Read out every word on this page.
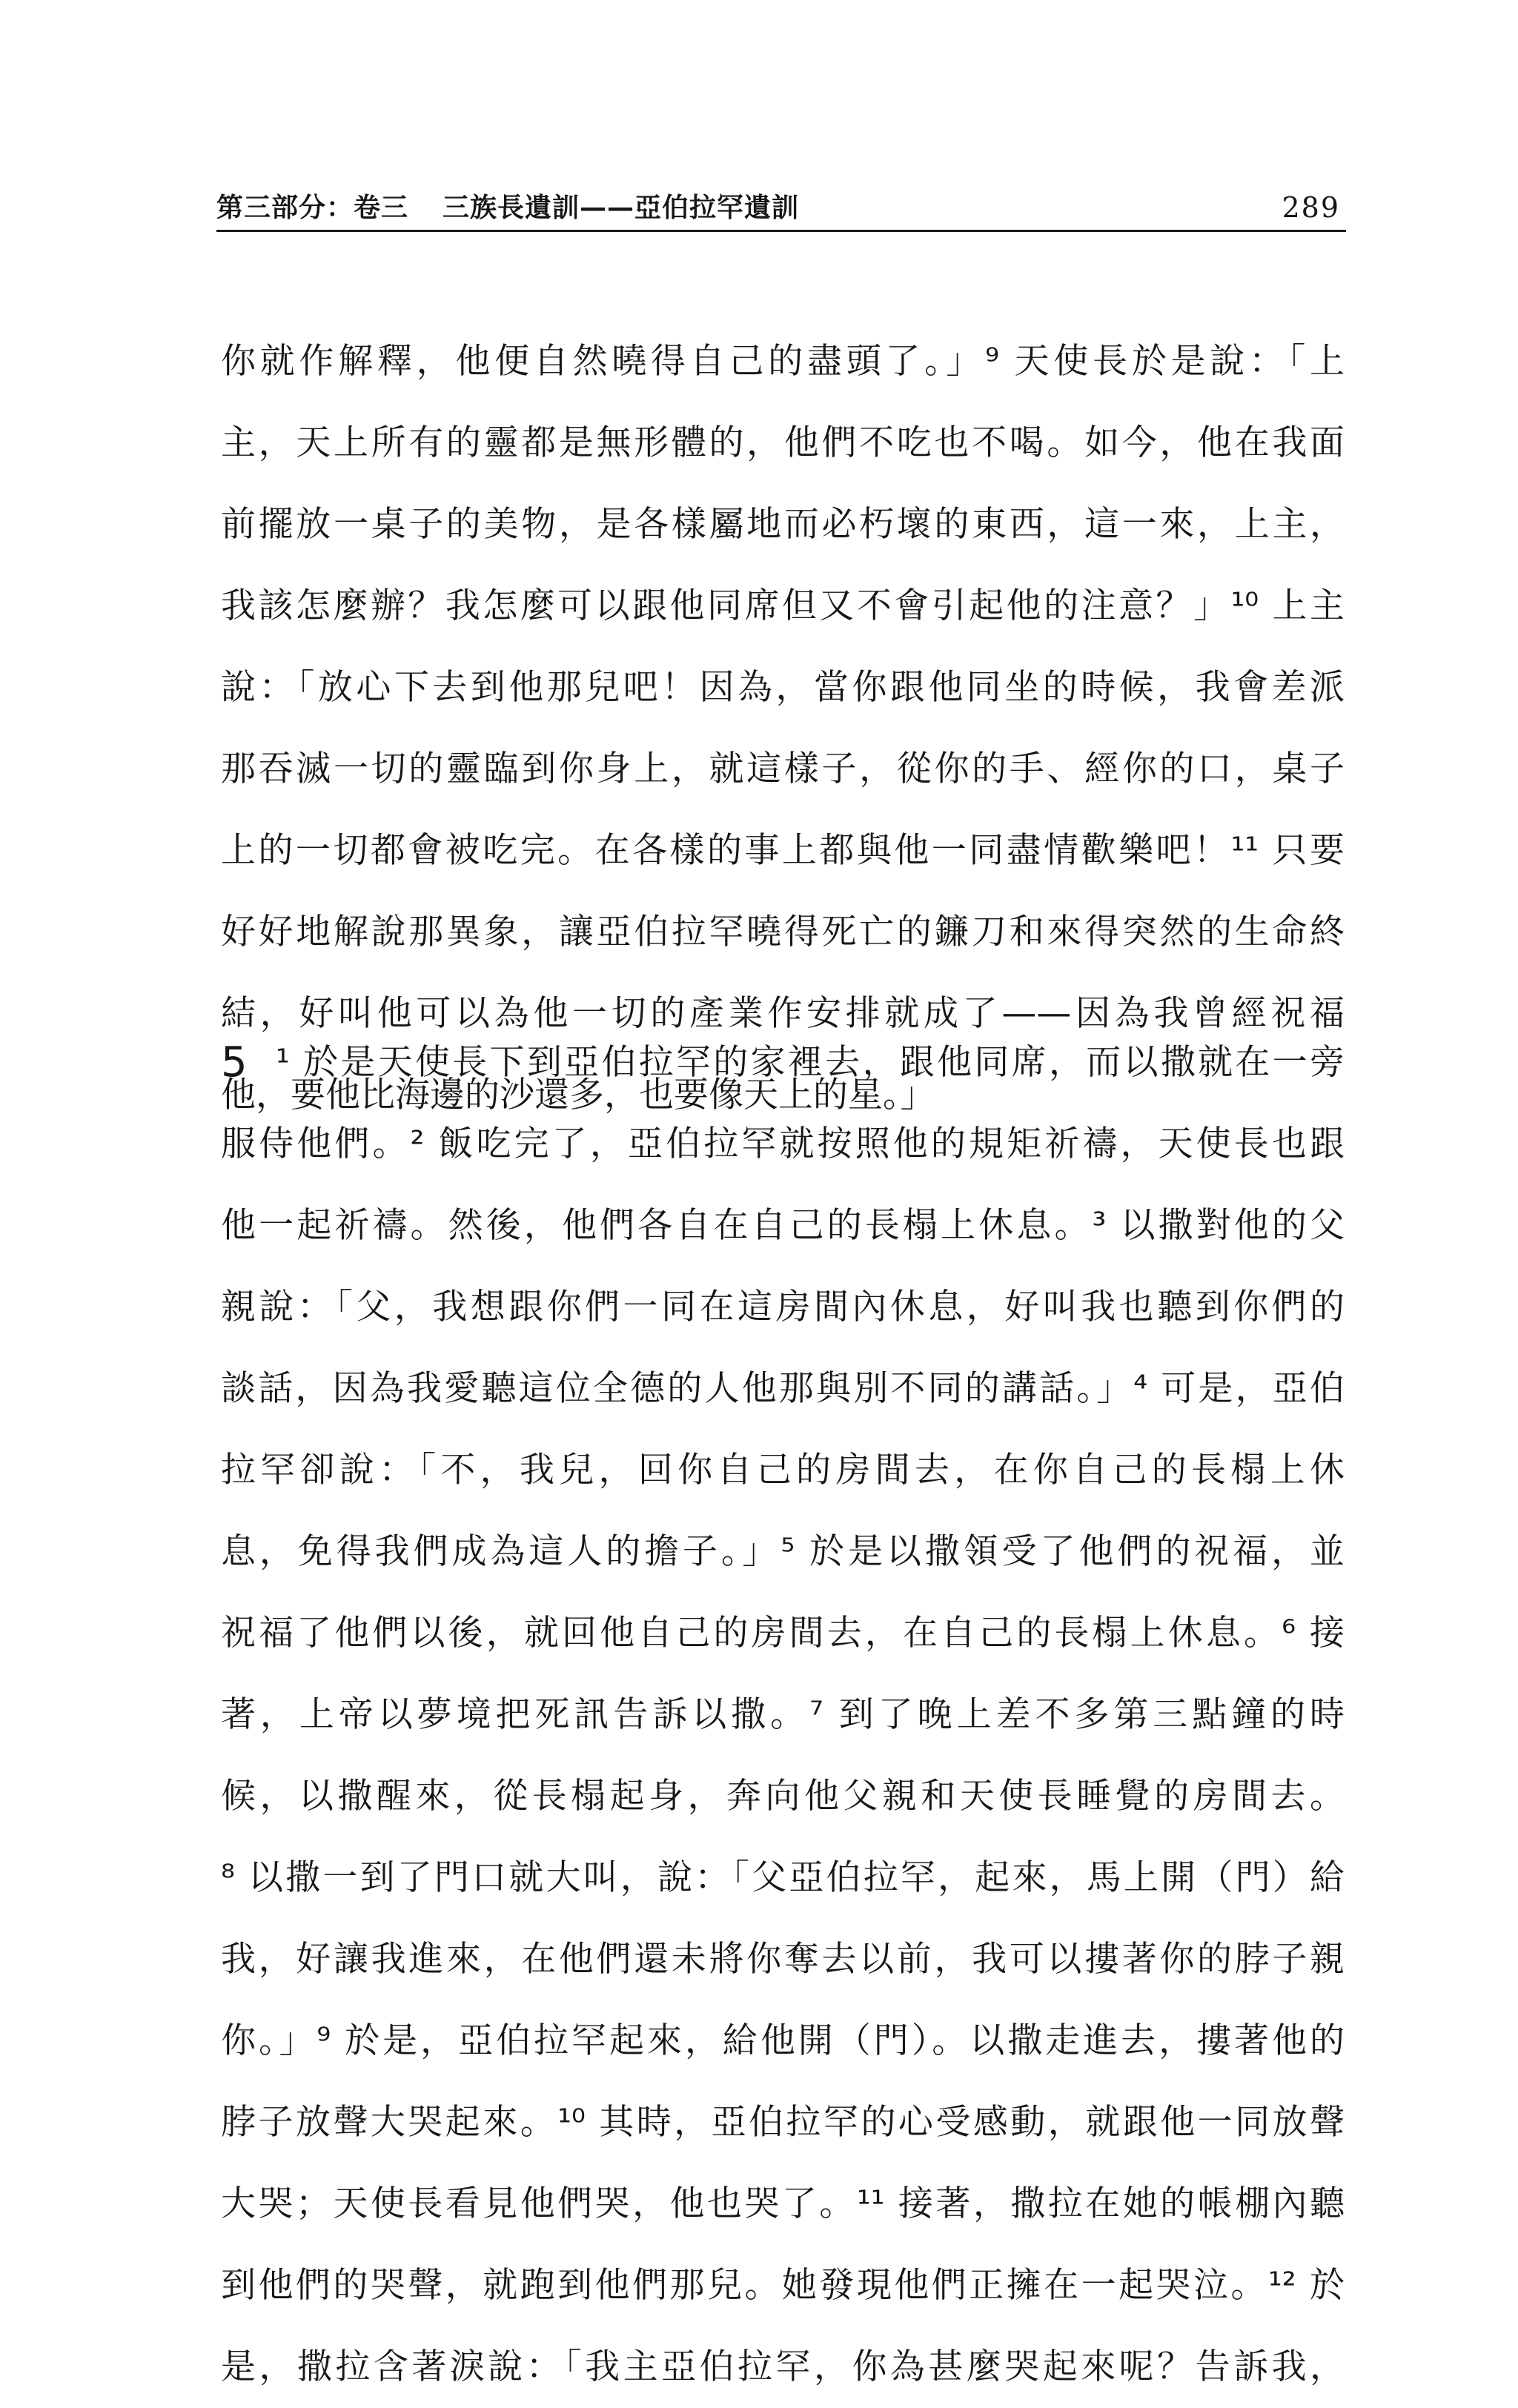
第三部分：卷三 三族長遺訓——亞伯拉罕遺訓	289
你就作解釋，他便自然曉得自己的盡頭了。」⁹ 天使長於是說：「上
主，天上所有的靈都是無形體的，他們不吃也不喝。如今，他在我面
前擺放一桌子的美物，是各樣屬地而必朽壞的東西，這一來，上主，
我該怎麼辦？我怎麼可以跟他同席但又不會引起他的注意？」¹⁰ 上主
說：「放心下去到他那兒吧！因為，當你跟他同坐的時候，我會差派
那吞滅一切的靈臨到你身上，就這樣子，從你的手、經你的口，桌子
上的一切都會被吃完。在各樣的事上都與他一同盡情歡樂吧！¹¹ 只要
好好地解說那異象，讓亞伯拉罕曉得死亡的鐮刀和來得突然的生命終
結，好叫他可以為他一切的產業作安排就成了——因為我曾經祝福
他，要他比海邊的沙還多，也要像天上的星。」
5 ¹ 於是天使長下到亞伯拉罕的家裡去，跟他同席，而以撒就在一旁
服侍他們。² 飯吃完了，亞伯拉罕就按照他的規矩祈禱，天使長也跟
他一起祈禱。然後，他們各自在自己的長榻上休息。³ 以撒對他的父
親說：「父，我想跟你們一同在這房間內休息，好叫我也聽到你們的
談話，因為我愛聽這位全德的人他那與別不同的講話。」⁴ 可是，亞伯
拉罕卻說：「不，我兒，回你自己的房間去，在你自己的長榻上休
息，免得我們成為這人的擔子。」⁵ 於是以撒領受了他們的祝福，並
祝福了他們以後，就回他自己的房間去，在自己的長榻上休息。⁶ 接
著，上帝以夢境把死訊告訴以撒。⁷ 到了晚上差不多第三點鐘的時
候，以撒醒來，從長榻起身，奔向他父親和天使長睡覺的房間去。
⁸ 以撒一到了門口就大叫，說：「父亞伯拉罕，起來，馬上開（門）給
我，好讓我進來，在他們還未將你奪去以前，我可以摟著你的脖子親
你。」⁹ 於是，亞伯拉罕起來，給他開（門）。以撒走進去，摟著他的
脖子放聲大哭起來。¹⁰ 其時，亞伯拉罕的心受感動，就跟他一同放聲
大哭；天使長看見他們哭，他也哭了。¹¹ 接著，撒拉在她的帳棚內聽
到他們的哭聲，就跑到他們那兒。她發現他們正擁在一起哭泣。¹² 於
是，撒拉含著淚說：「我主亞伯拉罕，你為甚麼哭起來呢？告訴我，
